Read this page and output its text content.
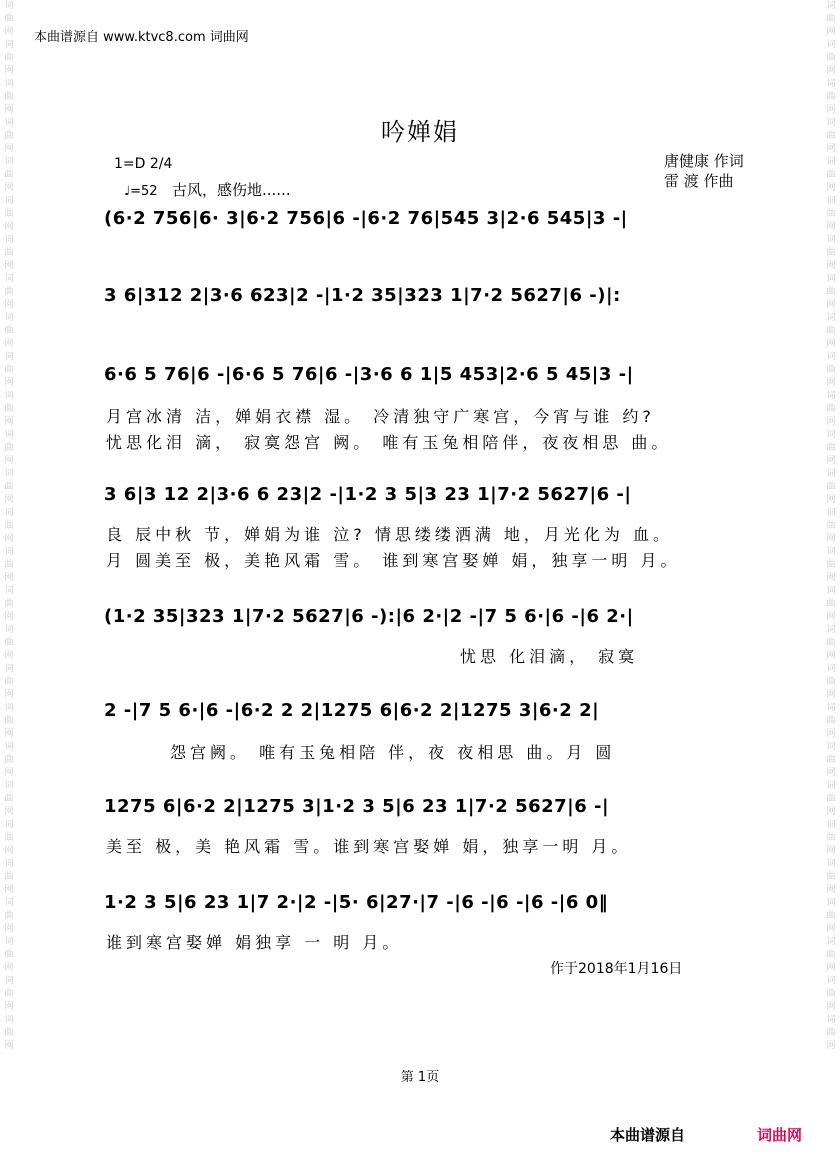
词曲网词曲网词曲网词曲网词曲网词曲网词曲网词曲网词曲网词曲网词曲网词曲网词曲网词曲网词曲网词曲网词曲网词曲网词曲网词曲网词曲网词曲网词曲网词曲网词曲网词曲网词曲网
词曲网词曲网词曲网词曲网词曲网词曲网词曲网词曲网词曲网词曲网词曲网词曲网词曲网词曲网词曲网词曲网词曲网词曲网词曲网词曲网词曲网词曲网词曲网词曲网词曲网词曲网词曲网
本曲谱源自 www.ktvc8.com 词曲网
吟婵娟
1=D 2/4
♩=52 古风，感伤地......
唐健康 作词
雷 渡 作曲
(6·2 756|6· 3|6·2 756|6 -|6·2 76|545 3|2·6 545|3 -|
3 6|312 2|3·6 623|2 -|1·2 35|323 1|7·2 5627|6 -)|:
6·6 5 76|6 -|6·6 5 76|6 -|3·6 6 1|5 453|2·6 5 45|3 -|
月宫冰清 洁，婵娟衣襟 湿。 冷清独守广寒宫，今宵与谁 约?
忧思化泪 滴， 寂寞怨宫 阙。 唯有玉兔相陪伴，夜夜相思 曲。
3 6|3 12 2|3·6 6 23|2 -|1·2 3 5|3 23 1|7·2 5627|6 -|
良 辰中秋 节，婵娟为谁 泣? 情思缕缕洒满 地，月光化为 血。
月 圆美至 极，美艳风霜 雪。 谁到寒宫娶婵 娟，独享一明 月。
(1·2 35|323 1|7·2 5627|6 -):|6 2·|2 -|7 5 6·|6 -|6 2·|
忧思 化泪滴， 寂寞
2 -|7 5 6·|6 -|6·2 2 2|1275 6|6·2 2|1275 3|6·2 2|
怨宫阙。 唯有玉兔相陪 伴，夜 夜相思 曲。月 圆
1275 6|6·2 2|1275 3|1·2 3 5|6 23 1|7·2 5627|6 -|
美至 极，美 艳风霜 雪。谁到寒宫娶婵 娟，独享一明 月。
1·2 3 5|6 23 1|7 2·|2 -|5· 6|27·|7 -|6 -|6 -|6 -|6 0‖
谁到寒宫娶婵 娟独享 一 明 月。
作于2018年1月16日
第 1页
本曲谱源自	词曲网
